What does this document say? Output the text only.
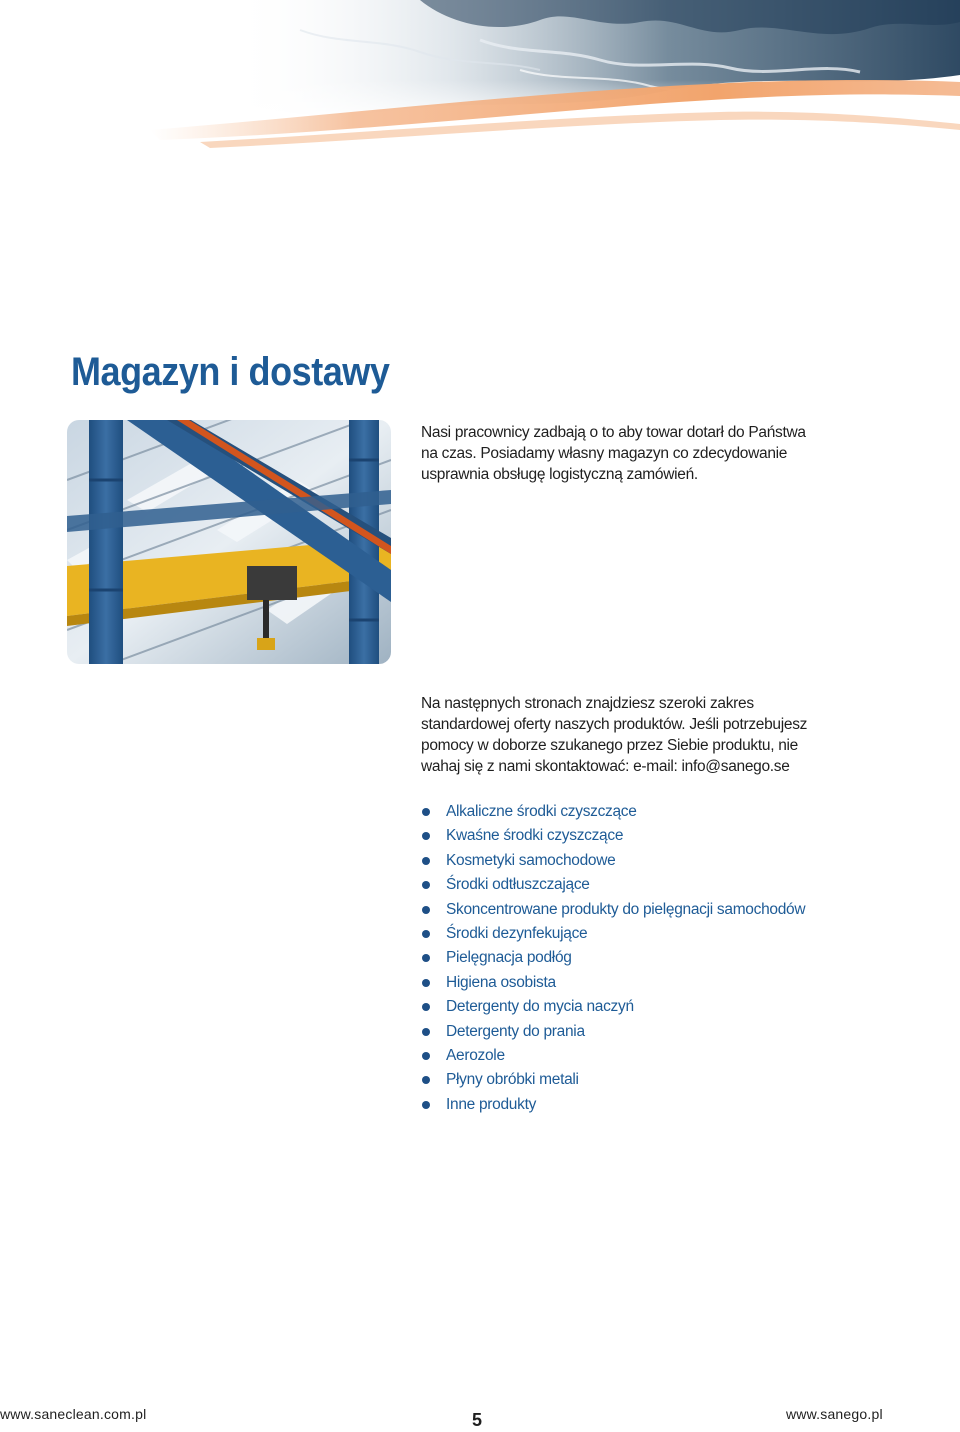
Magazyn i dostawy

Nasi pracownicy zadbają o to aby towar dotarł do Państwa na czas. Posiadamy własny magazyn co zdecydowanie usprawnia obsługę logistyczną zamówień.

Na następnych stronach znajdziesz szeroki zakres standardowej oferty naszych produktów. Jeśli potrzebujesz pomocy w doborze szukanego przez Siebie produktu, nie wahaj się z nami skontaktować: e-mail: info@sanego.se

Alkaliczne środki czyszczące
Kwaśne środki czyszczące
Kosmetyki samochodowe
Środki odtłuszczające
Skoncentrowane produkty do pielęgnacji samochodów
Środki dezynfekujące
Pielęgnacja podłóg
Higiena osobista
Detergenty do mycia naczyń
Detergenty do prania
Aerozole
Płyny obróbki metali
Inne produkty
www.saneclean.com.pl	5	www.sanego.pl
